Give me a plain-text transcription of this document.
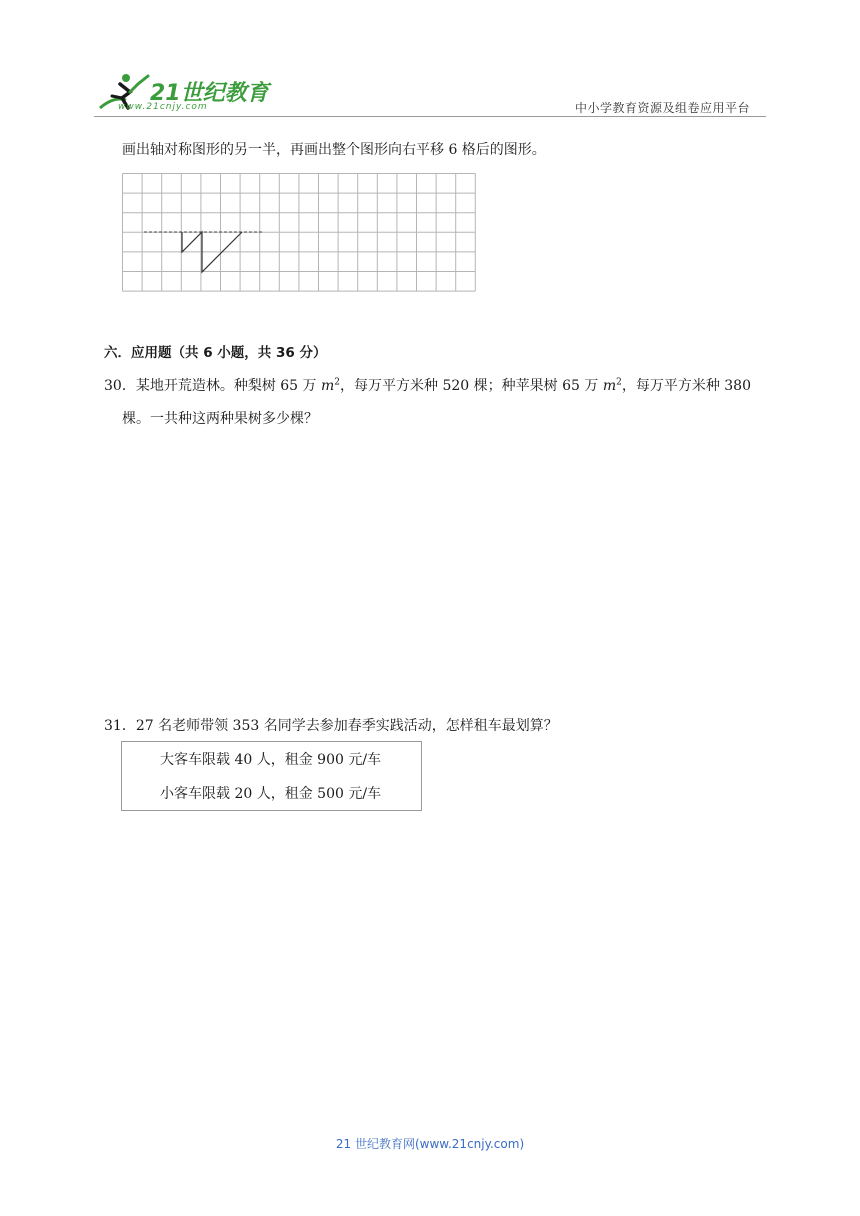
21世纪教育
www.21cnjy.com	中小学教育资源及组卷应用平台
画出轴对称图形的另一半，再画出整个图形向右平移 6 格后的图形。
六．应用题（共 6 小题，共 36 分）
30．某地开荒造林。种梨树 65 万 $m^2$，每万平方米种 520 棵；种苹果树 65 万 $m^2$，每万平方米种 380
棵。一共种这两种果树多少棵？
31．27 名老师带领 353 名同学去参加春季实践活动，怎样租车最划算？
大客车限载 40 人，租金 900 元/车
小客车限载 20 人，租金 500 元/车
21 世纪教育网(www.21cnjy.com)
